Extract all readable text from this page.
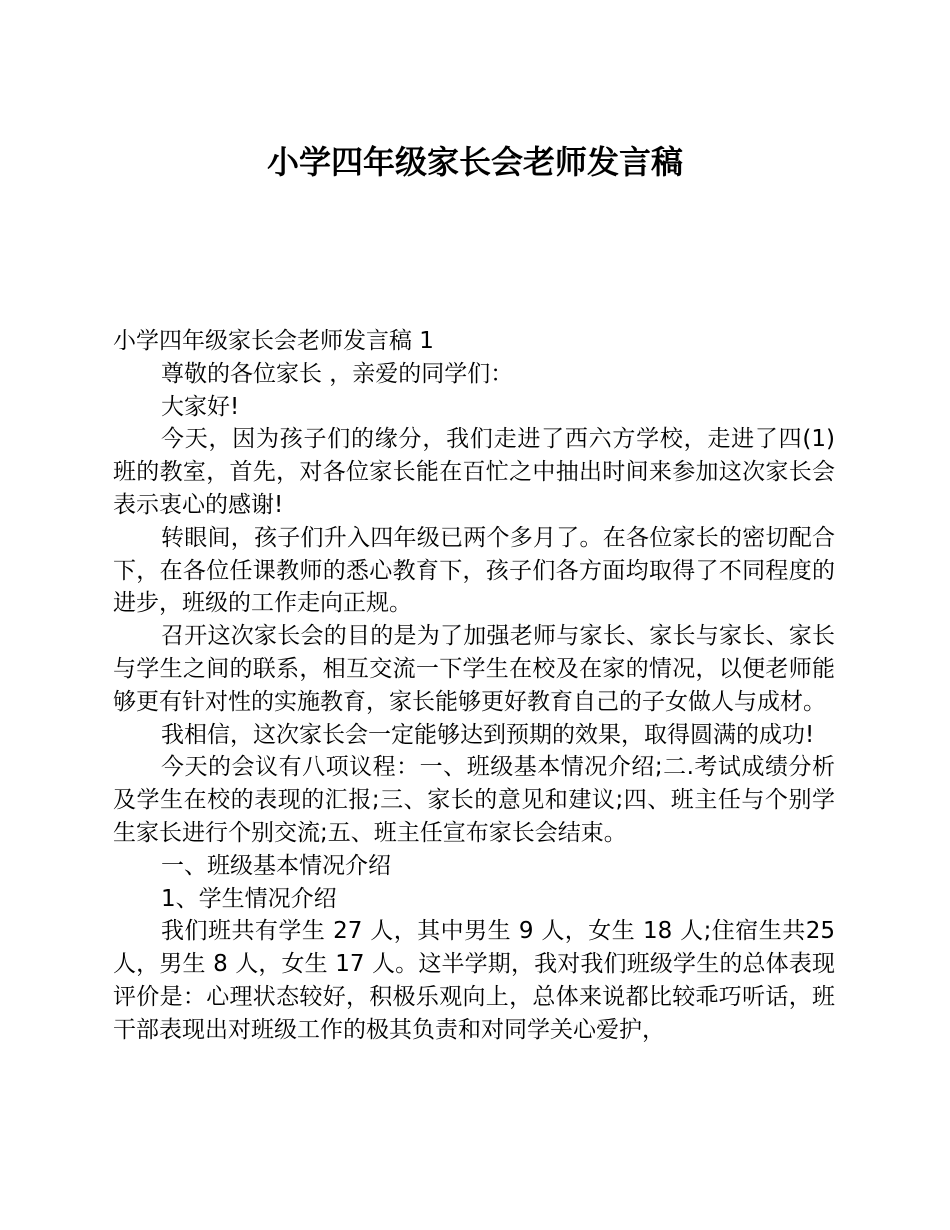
小学四年级家长会老师发言稿

小学四年级家长会老师发言稿 1

尊敬的各位家长 ，亲爱的同学们：

大家好!

今天，因为孩子们的缘分，我们走进了西六方学校，走进了四(1)班的教室，首先，对各位家长能在百忙之中抽出时间来参加这次家长会表示衷心的感谢!

转眼间，孩子们升入四年级已两个多月了。在各位家长的密切配合下，在各位任课教师的悉心教育下，孩子们各方面均取得了不同程度的进步，班级的工作走向正规。

召开这次家长会的目的是为了加强老师与家长、家长与家长、家长与学生之间的联系，相互交流一下学生在校及在家的情况，以便老师能够更有针对性的实施教育，家长能够更好教育自己的子女做人与成材。

我相信，这次家长会一定能够达到预期的效果，取得圆满的成功!

今天的会议有八项议程：一、班级基本情况介绍;二.考试成绩分析及学生在校的表现的汇报;三、家长的意见和建议;四、班主任与个别学生家长进行个别交流;五、班主任宣布家长会结束。

一、班级基本情况介绍

1、学生情况介绍

我们班共有学生 27 人，其中男生 9 人，女生 18 人;住宿生共25 人，男生 8 人，女生 17 人。这半学期，我对我们班级学生的总体表现评价是：心理状态较好，积极乐观向上，总体来说都比较乖巧听话，班干部表现出对班级工作的极其负责和对同学关心爱护，
